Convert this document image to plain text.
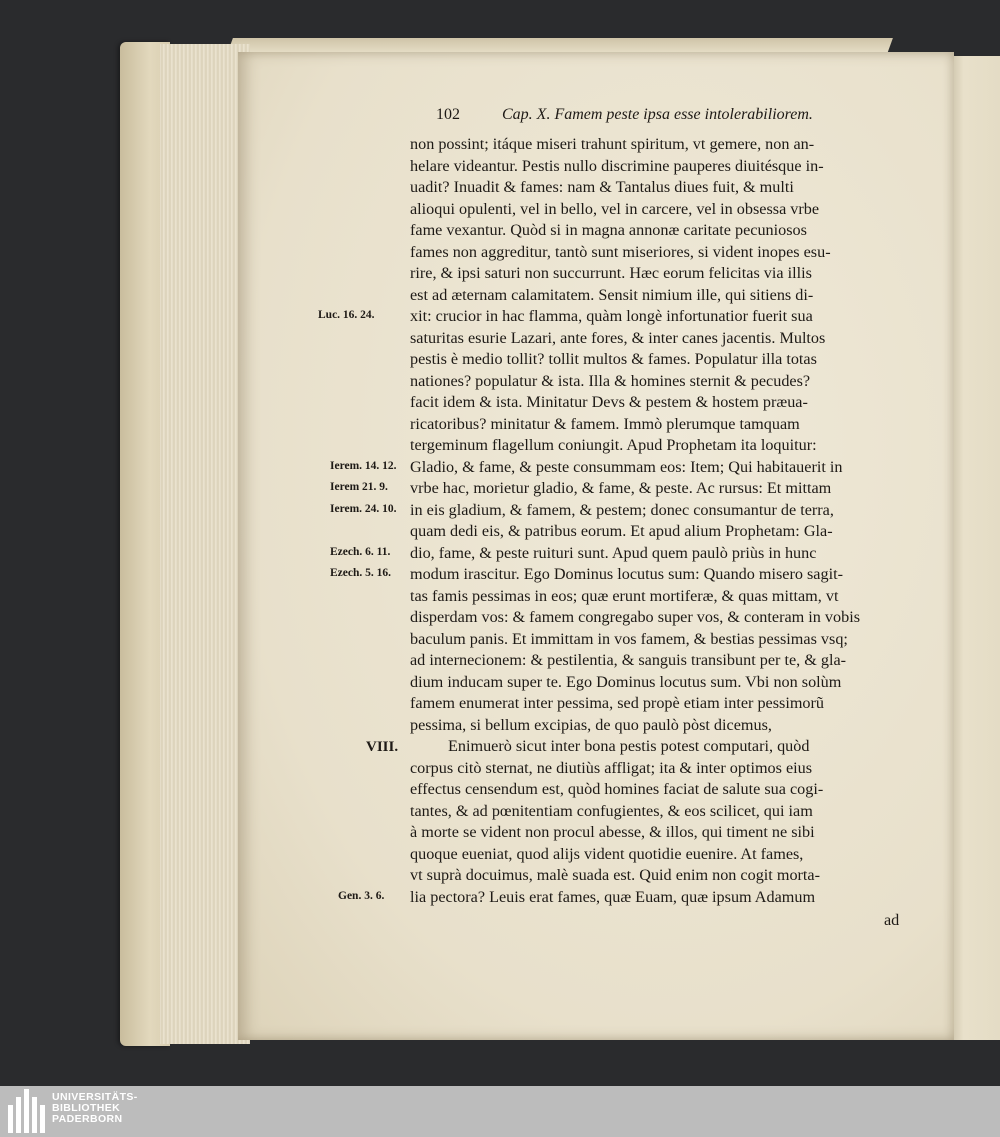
102	Cap. X. Famem peste ipsa esse intolerabiliorem.
non possint; itáque miseri trahunt spiritum, vt gemere, non an-
helare videantur. Pestis nullo discrimine pauperes diuitésque in-
uadit? Inuadit & fames: nam & Tantalus diues fuit, & multi
alioqui opulenti, vel in bello, vel in carcere, vel in obsessa vrbe
fame vexantur. Quòd si in magna annonæ caritate pecuniosos
fames non aggreditur, tantò sunt miseriores, si vident inopes esu-
rire, & ipsi saturi non succurrunt. Hæc eorum felicitas via illis
est ad æternam calamitatem. Sensit nimium ille, qui sitiens di-
xit: crucior in hac flamma, quàm longè infortunatior fuerit sua
saturitas esurie Lazari, ante fores, & inter canes jacentis. Multos
pestis è medio tollit? tollit multos & fames. Populatur illa totas
nationes? populatur & ista. Illa & homines sternit & pecudes?
facit idem & ista. Minitatur Devs & pestem & hostem præua-
ricatoribus? minitatur & famem. Immò plerumque tamquam
tergeminum flagellum coniungit. Apud Prophetam ita loquitur:
Gladio, & fame, & peste consummam eos: Item; Qui habitauerit in
vrbe hac, morietur gladio, & fame, & peste. Ac rursus: Et mittam
in eis gladium, & famem, & pestem; donec consumantur de terra,
quam dedi eis, & patribus eorum. Et apud alium Prophetam: Gla-
dio, fame, & peste ruituri sunt. Apud quem paulò priùs in hunc
modum irascitur. Ego Dominus locutus sum: Quando misero sagit-
tas famis pessimas in eos; quæ erunt mortiferæ, & quas mittam, vt
disperdam vos: & famem congregabo super vos, & conteram in vobis
baculum panis. Et immittam in vos famem, & bestias pessimas vsq;
ad internecionem: & pestilentia, & sanguis transibunt per te, & gla-
dium inducam super te. Ego Dominus locutus sum. Vbi non solùm
famem enumerat inter pessima, sed propè etiam inter pessimorũ
pessima, si bellum excipias, de quo paulò pòst dicemus,
Enimuerò sicut inter bona pestis potest computari, quòd
corpus citò sternat, ne diutiùs affligat; ita & inter optimos eius
effectus censendum est, quòd homines faciat de salute sua cogi-
tantes, & ad pœnitentiam confugientes, & eos scilicet, qui iam
à morte se vident non procul abesse, & illos, qui timent ne sibi
quoque eueniat, quod alijs vident quotidie euenire. At fames,
vt suprà docuimus, malè suada est. Quid enim non cogit morta-
lia pectora? Leuis erat fames, quæ Euam, quæ ipsum Adamum
ad
Luc. 16. 24.
Ierem. 14. 12.
Ierem 21. 9.
Ierem. 24. 10.
Ezech. 6. 11.
Ezech. 5. 16.
VIII.
Gen. 3. 6.
UNIVERSITÄTS-
BIBLIOTHEK
PADERBORN
